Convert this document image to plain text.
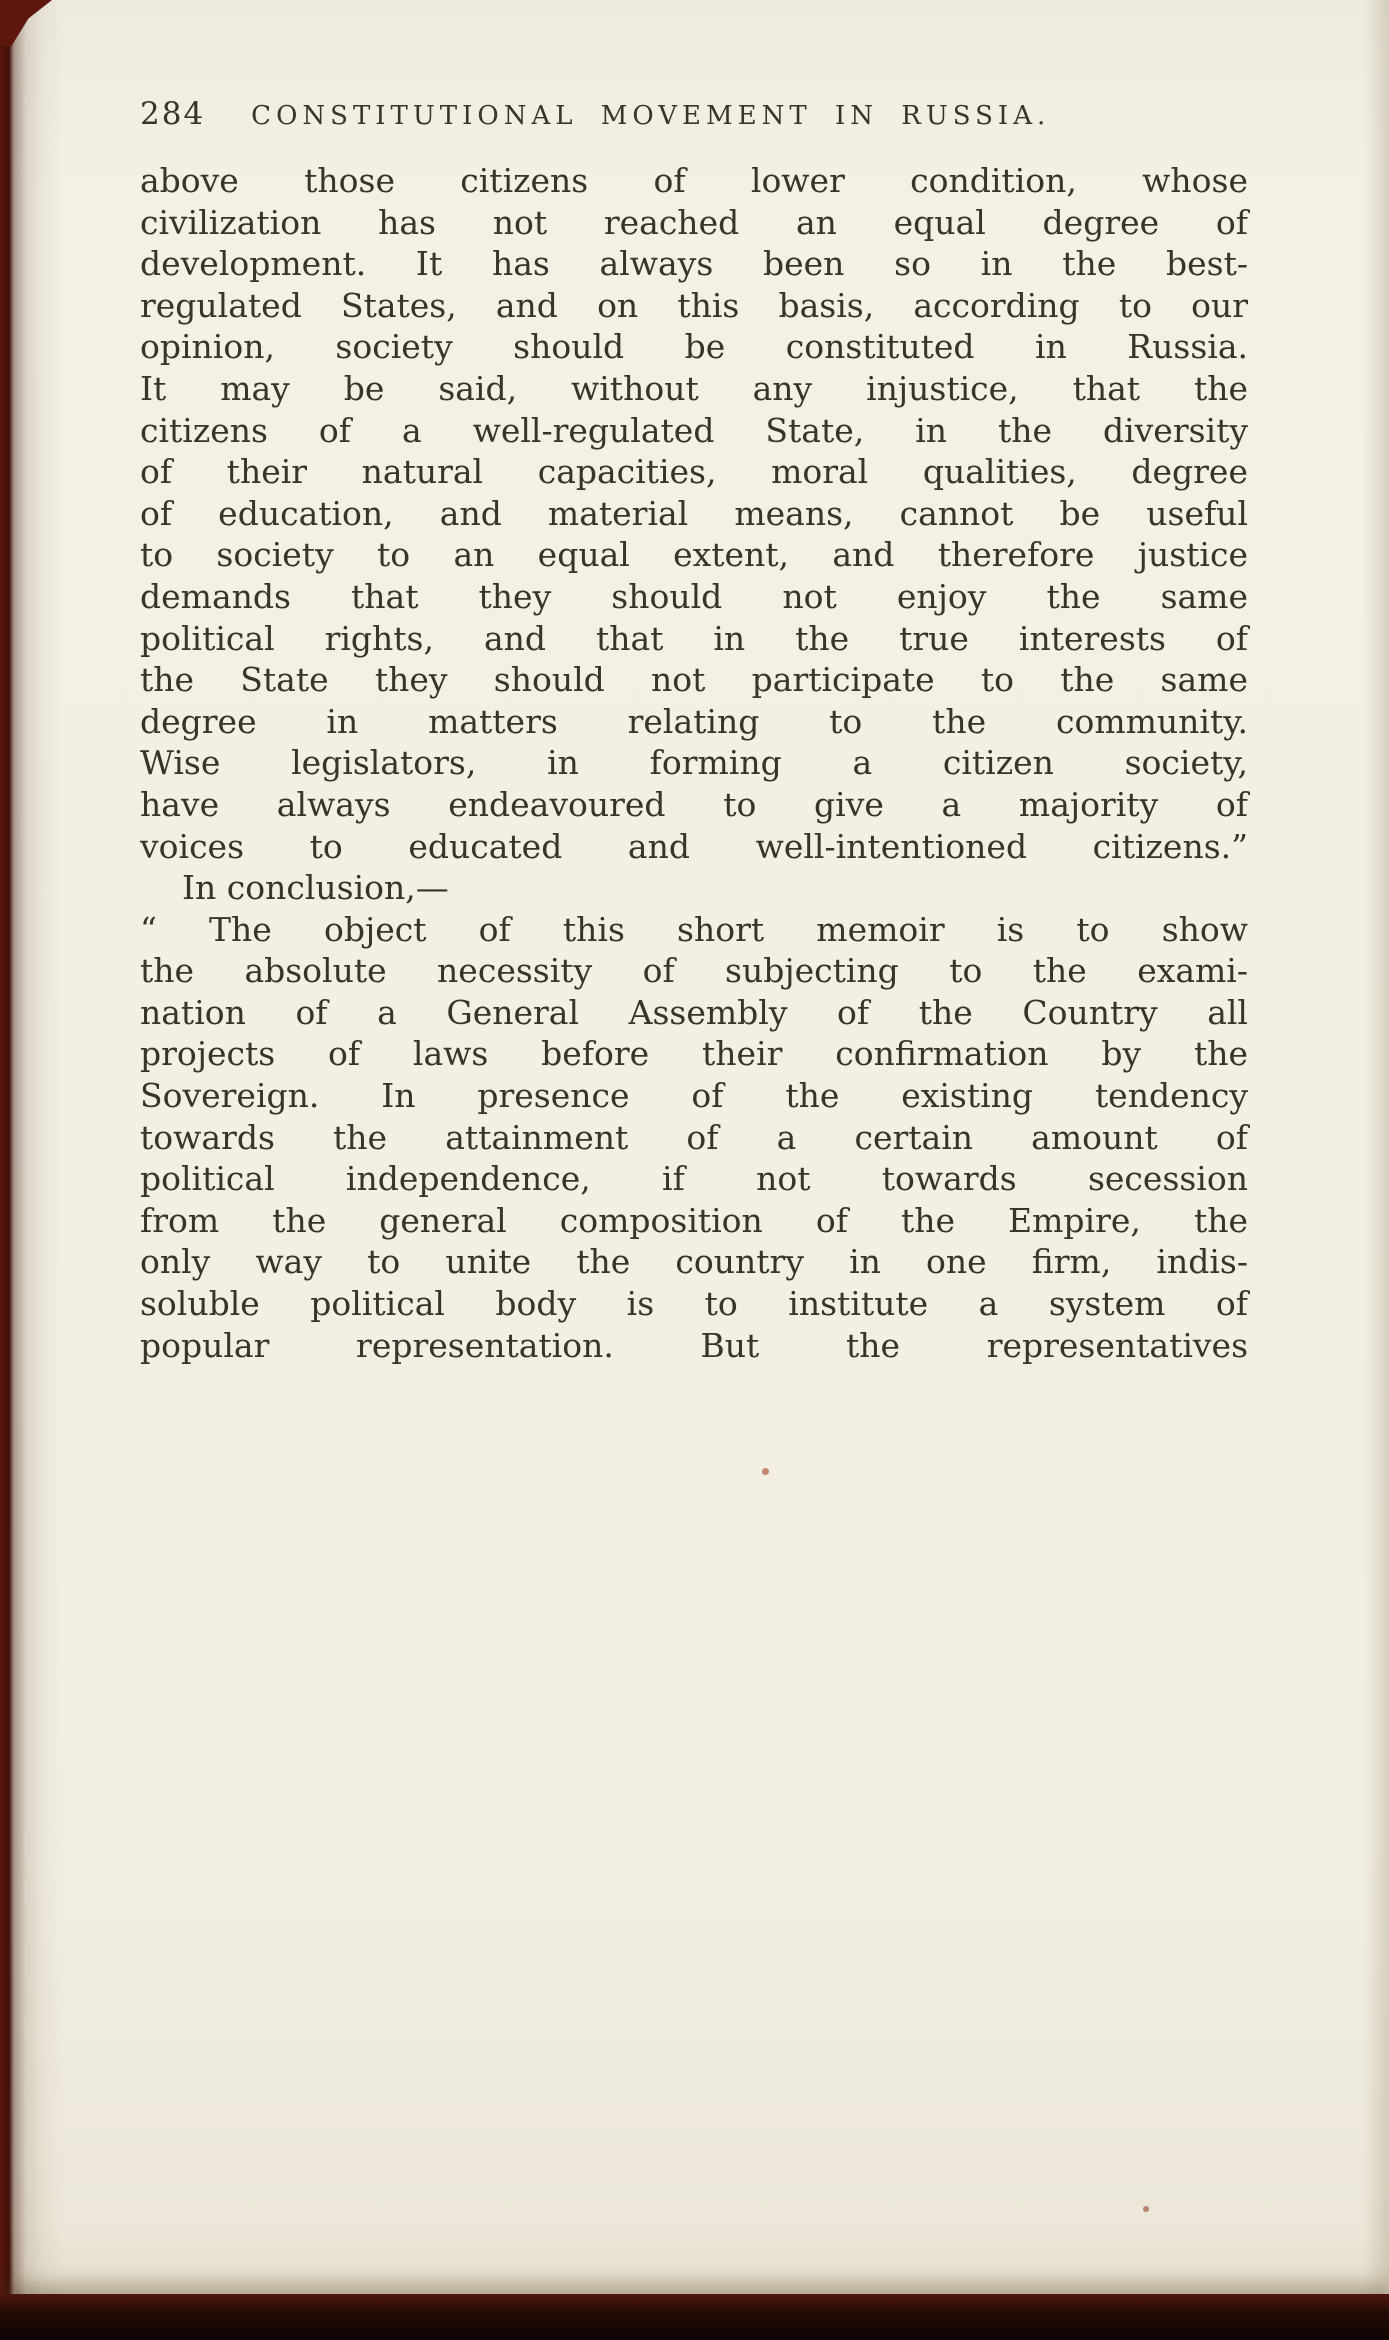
284 CONSTITUTIONAL MOVEMENT IN RUSSIA.
above those citizens of lower condition, whose
civilization has not reached an equal degree of
development. It has always been so in the best-
regulated States, and on this basis, according to our
opinion, society should be constituted in Russia.
It may be said, without any injustice, that the
citizens of a well-regulated State, in the diversity
of their natural capacities, moral qualities, degree
of education, and material means, cannot be useful
to society to an equal extent, and therefore justice
demands that they should not enjoy the same
political rights, and that in the true interests of
the State they should not participate to the same
degree in matters relating to the community.
Wise legislators, in forming a citizen society,
have always endeavoured to give a majority of
voices to educated and well-intentioned citizens.”
In conclusion,—
“ The object of this short memoir is to show
the absolute necessity of subjecting to the exami-
nation of a General Assembly of the Country all
projects of laws before their confirmation by the
Sovereign. In presence of the existing tendency
towards the attainment of a certain amount of
political independence, if not towards secession
from the general composition of the Empire, the
only way to unite the country in one firm, indis-
soluble political body is to institute a system of
popular representation. But the representatives
